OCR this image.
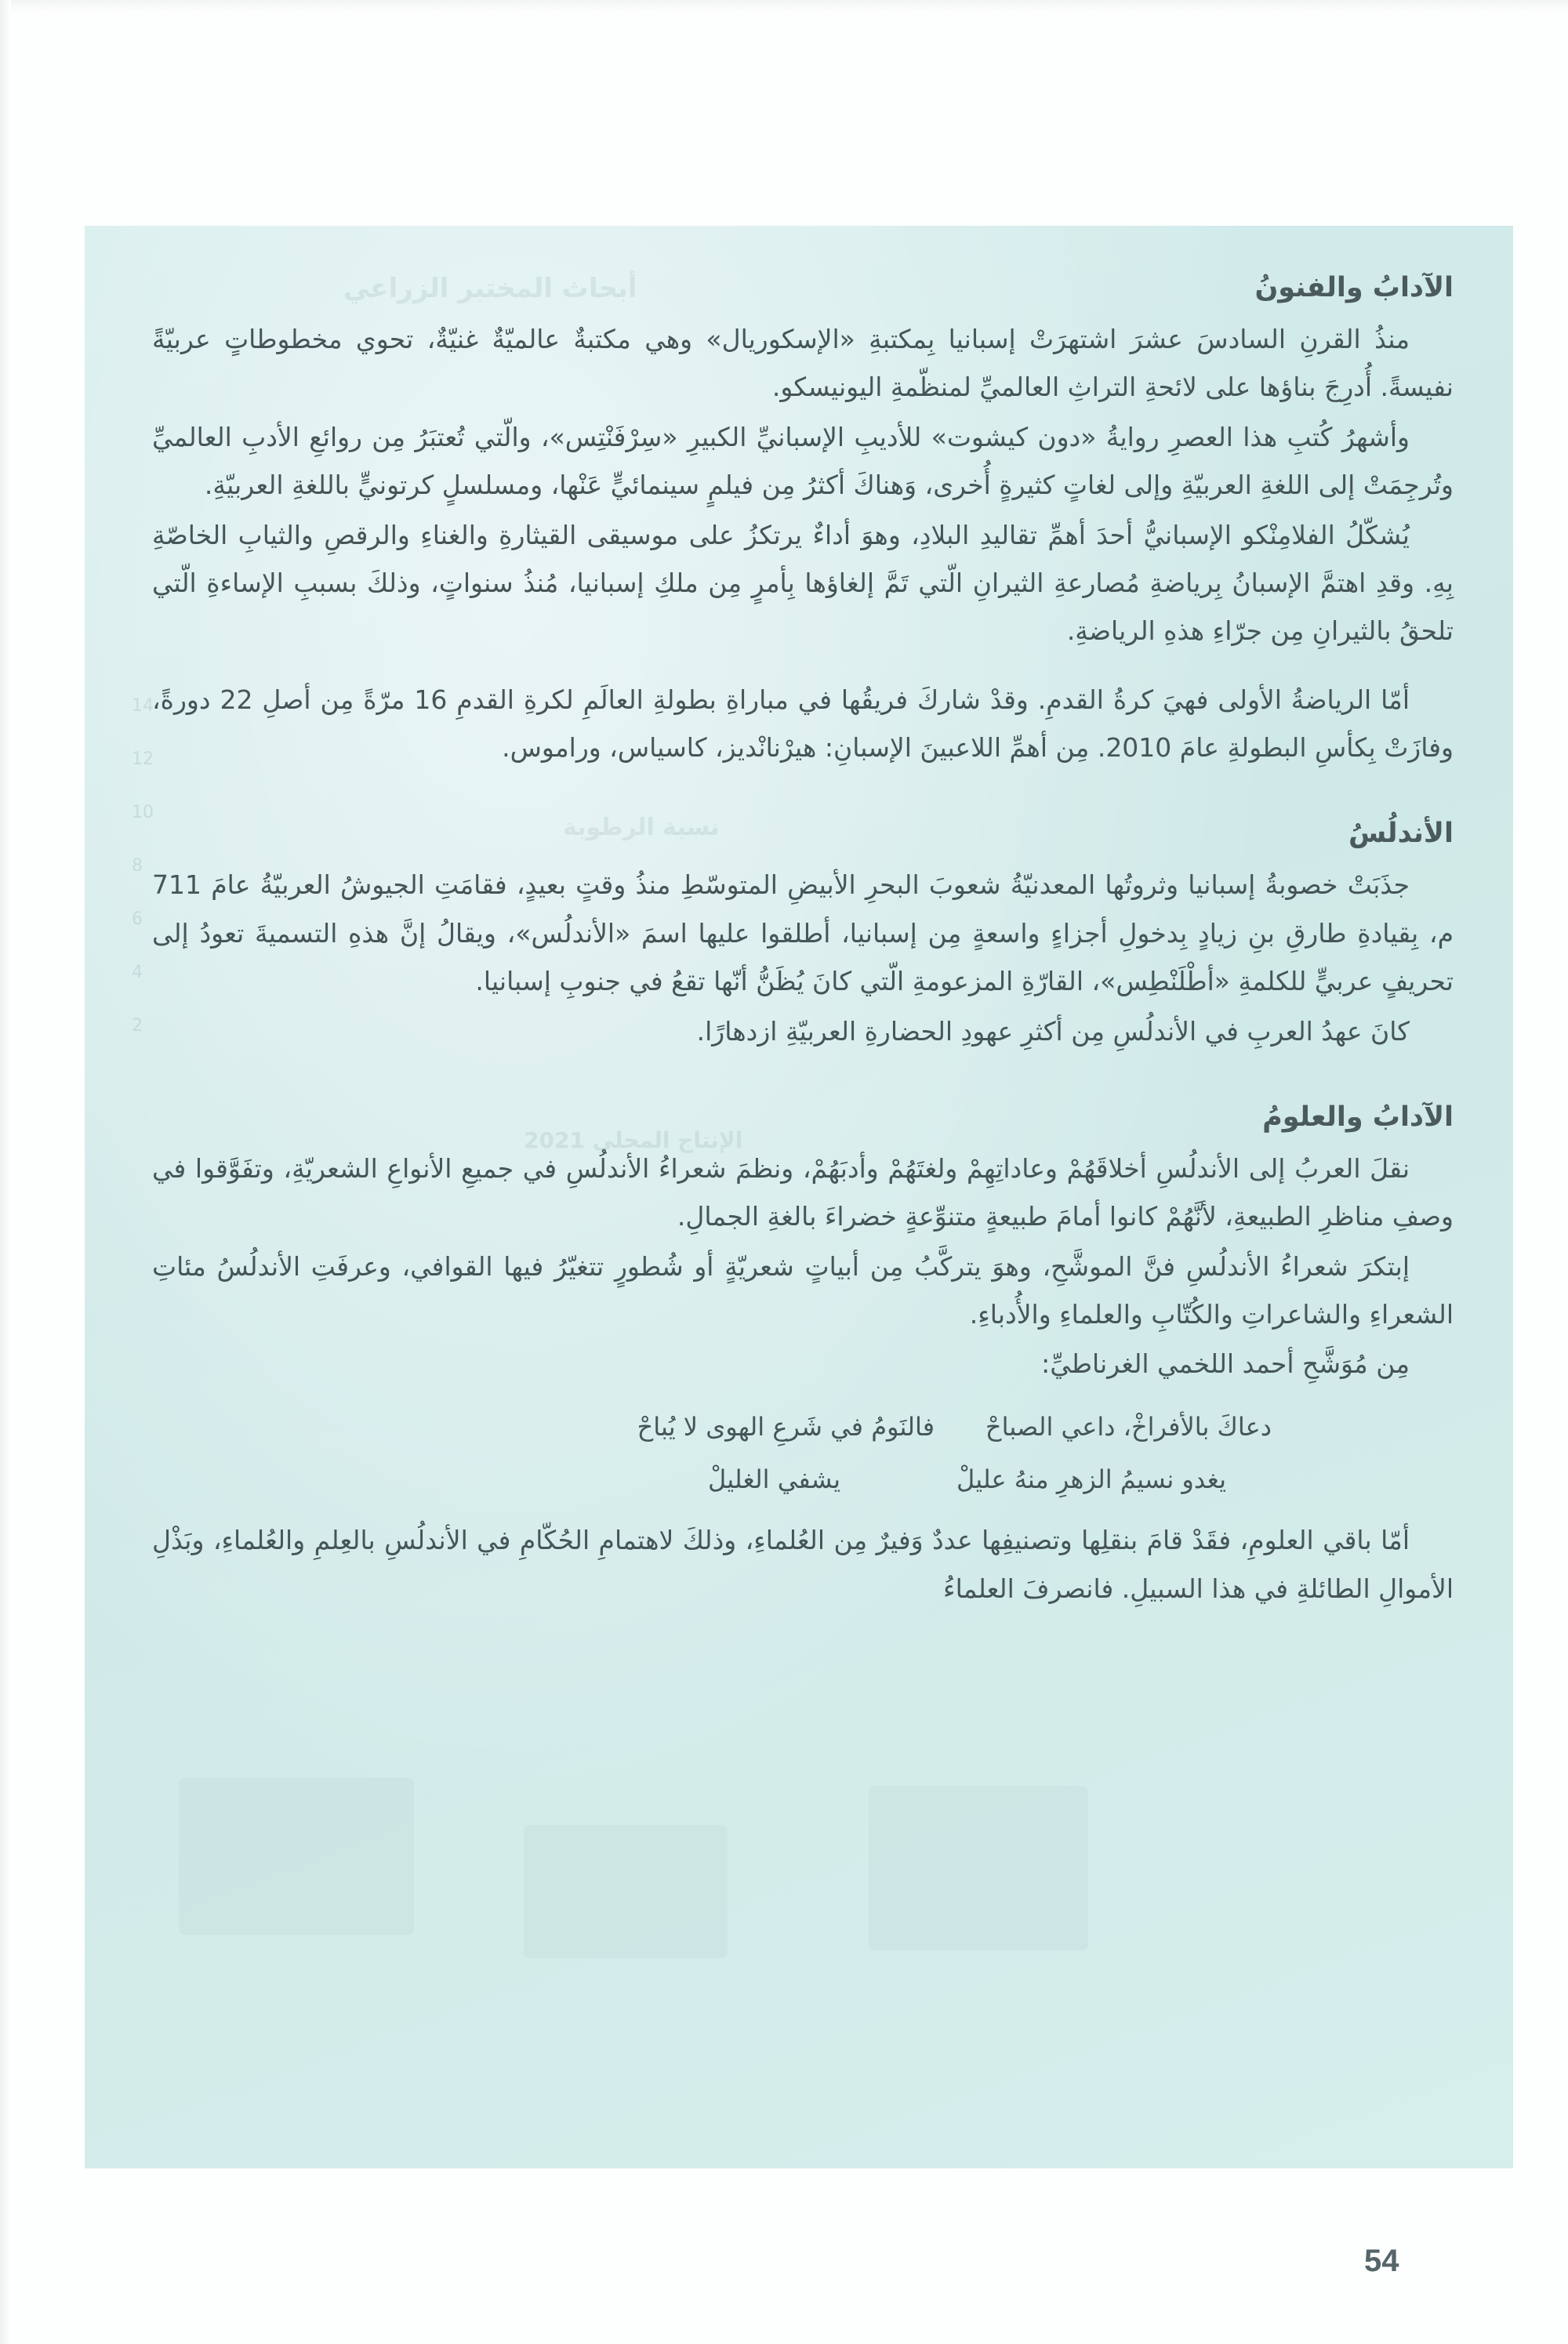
أبحاث المختبر الزراعي
نسبة الرطوبة
الإنتاج المحلي 2021
14
12
10
8
6
4
2
الآدابُ والفنونُ

منذُ القرنِ السادسَ عشرَ اشتهرَتْ إسبانيا بِمكتبةِ «الإسكوريال» وهي مكتبةٌ عالميّةٌ غنيّةٌ، تحوي مخطوطاتٍ عربيّةً نفيسةً. أُدرِجَ بناؤها على لائحةِ التراثِ العالميِّ لمنظّمةِ اليونيسكو.

وأشهرُ كُتبِ هذا العصرِ روايةُ «دون كيشوت» للأديبِ الإسبانيِّ الكبيرِ «سِرْفَنْتِس»، والّتي تُعتبَرُ مِن روائعِ الأدبِ العالميِّ وتُرجِمَتْ إلى اللغةِ العربيّةِ وإلى لغاتٍ كثيرةٍ أُخرى، وَهناكَ أكثرُ مِن فيلمٍ سينمائيٍّ عَنْها، ومسلسلٍ كرتونيٍّ باللغةِ العربيّةِ.

يُشكّلُ الفلامِنْكو الإسبانيُّ أحدَ أهمِّ تقاليدِ البلادِ، وهوَ أداءٌ يرتكزُ على موسيقى القيثارةِ والغناءِ والرقصِ والثيابِ الخاصّةِ بِهِ. وقدِ اهتمَّ الإسبانُ بِرياضةِ مُصارعةِ الثيرانِ الّتي تَمَّ إلغاؤها بِأمرٍ مِن ملكِ إسبانيا، مُنذُ سنواتٍ، وذلكَ بسببِ الإساءةِ الّتي تلحقُ بالثيرانِ مِن جرّاءِ هذهِ الرياضةِ.

أمّا الرياضةُ الأولى فهيَ كرةُ القدمِ. وقدْ شاركَ فريقُها في مباراةِ بطولةِ العالَمِ لكرةِ القدمِ 16 مرّةً مِن أصلِ 22 دورةً، وفازَتْ بِكأسِ البطولةِ عامَ 2010. مِن أهمِّ اللاعبينَ الإسبانِ: هيرْنانْديز، كاسياس، وراموس.

الأندلُسُ

جذَبَتْ خصوبةُ إسبانيا وثروتُها المعدنيّةُ شعوبَ البحرِ الأبيضِ المتوسّطِ منذُ وقتٍ بعيدٍ، فقامَتِ الجيوشُ العربيّةُ عامَ 711 م، بِقيادةِ طارقِ بنِ زيادٍ بِدخولِ أجزاءٍ واسعةٍ مِن إسبانيا، أطلقوا عليها اسمَ «الأندلُس»، ويقالُ إنَّ هذهِ التسميةَ تعودُ إلى تحريفٍ عربيٍّ للكلمةِ «أطْلَنْطِس»، القارّةِ المزعومةِ الّتي كانَ يُظَنُّ أنّها تقعُ في جنوبِ إسبانيا.

كانَ عهدُ العربِ في الأندلُسِ مِن أكثرِ عهودِ الحضارةِ العربيّةِ ازدهارًا.

الآدابُ والعلومُ

نقلَ العربُ إلى الأندلُسِ أخلاقَهُمْ وعاداتِهِمْ ولغتَهُمْ وأدبَهُمْ، ونظمَ شعراءُ الأندلُسِ في جميعِ الأنواعِ الشعريّةِ، وتفَوَّقوا في وصفِ مناظرِ الطبيعةِ، لأنَّهُمْ كانوا أمامَ طبيعةٍ متنوِّعةٍ خضراءَ بالغةِ الجمالِ.

إبتكرَ شعراءُ الأندلُسِ فنَّ الموشَّحِ، وهوَ يتركَّبُ مِن أبياتٍ شعريّةٍ أو شُطورٍ تتغيّرُ فيها القوافي، وعرفَتِ الأندلُسُ مئاتِ الشعراءِ والشاعراتِ والكُتّابِ والعلماءِ والأُدباءِ.

مِن مُوَشَّحِ أحمد اللخمي الغرناطيِّ:

دعاكَ بالأفراخْ، داعي الصباحْ
فالنَومُ في شَرعِ الهوى لا يُباحْ
يغدو نسيمُ الزهرِ منهُ عليلْ
يشفي الغليلْ

أمّا باقي العلومِ، فقَدْ قامَ بنقلِها وتصنيفِها عددٌ وَفيرٌ مِن العُلماءِ، وذلكَ لاهتمامِ الحُكّامِ في الأندلُسِ بالعِلمِ والعُلماءِ، وبَذْلِ الأموالِ الطائلةِ في هذا السبيلِ. فانصرفَ العلماءُ

54
